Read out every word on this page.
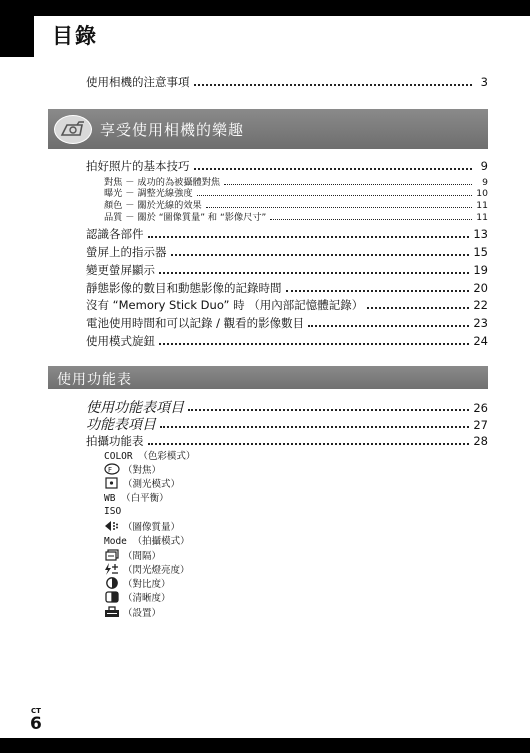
目錄
使用相機的注意事項	3
享受使用相機的樂趣
拍好照片的基本技巧	9
對焦 － 成功的為被攝體對焦	9
曝光 － 調整光線強度	10
顏色 － 關於光線的效果	11
品質 － 關於 “圖像質量” 和 “影像尺寸”	11
認識各部件	13
螢屏上的指示器	15
變更螢屏顯示	19
靜態影像的數目和動態影像的記錄時間	20
沒有 “Memory Stick Duo” 時 （用內部記憶體記錄）	22
電池使用時間和可以記錄 / 觀看的影像數目	23
使用模式旋鈕	24
使用功能表
使用功能表項目	26
功能表項目	27
拍攝功能表	28
COLOR （色彩模式）
F （對焦）
（測光模式）
WB （白平衡）
ISO
（圖像質量）
Mode （拍攝模式）
（間隔）
（閃光燈亮度）
（對比度）
（清晰度）
（設置）
CT
6
